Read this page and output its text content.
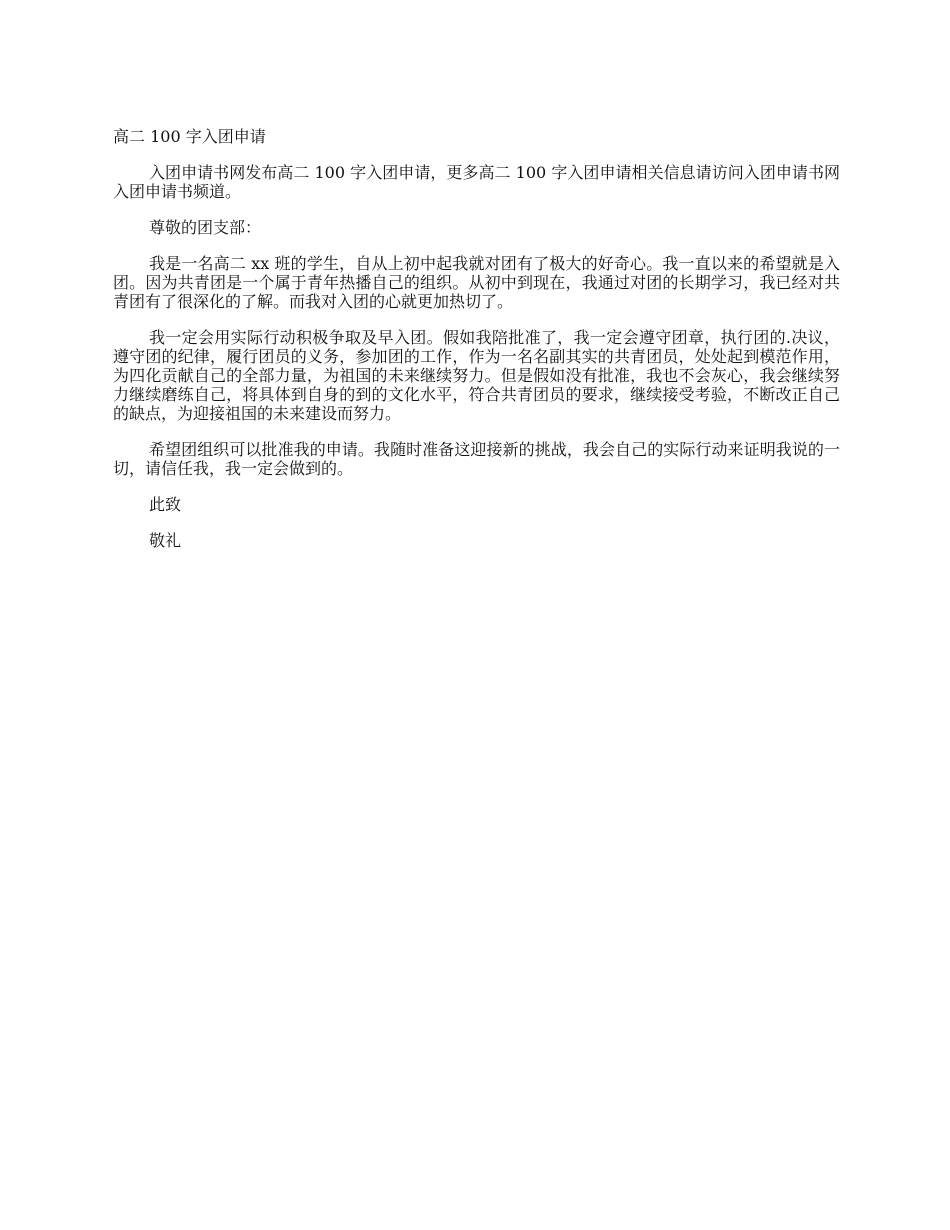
高二 100 字入团申请

入团申请书网发布高二 100 字入团申请，更多高二 100 字入团申请相关信息请访问入团申请书网入团申请书频道。

尊敬的团支部：

我是一名高二 xx 班的学生，自从上初中起我就对团有了极大的好奇心。我一直以来的希望就是入团。因为共青团是一个属于青年热播自己的组织。从初中到现在，我通过对团的长期学习，我已经对共青团有了很深化的了解。而我对入团的心就更加热切了。

我一定会用实际行动积极争取及早入团。假如我陪批准了，我一定会遵守团章，执行团的.决议，遵守团的纪律，履行团员的义务，参加团的工作，作为一名名副其实的共青团员，处处起到模范作用，为四化贡献自己的全部力量，为祖国的未来继续努力。但是假如没有批准，我也不会灰心，我会继续努力继续磨练自己，将具体到自身的到的文化水平，符合共青团员的要求，继续接受考验，不断改正自己的缺点，为迎接祖国的未来建设而努力。

希望团组织可以批准我的申请。我随时准备这迎接新的挑战，我会自己的实际行动来证明我说的一切，请信任我，我一定会做到的。

此致

敬礼
